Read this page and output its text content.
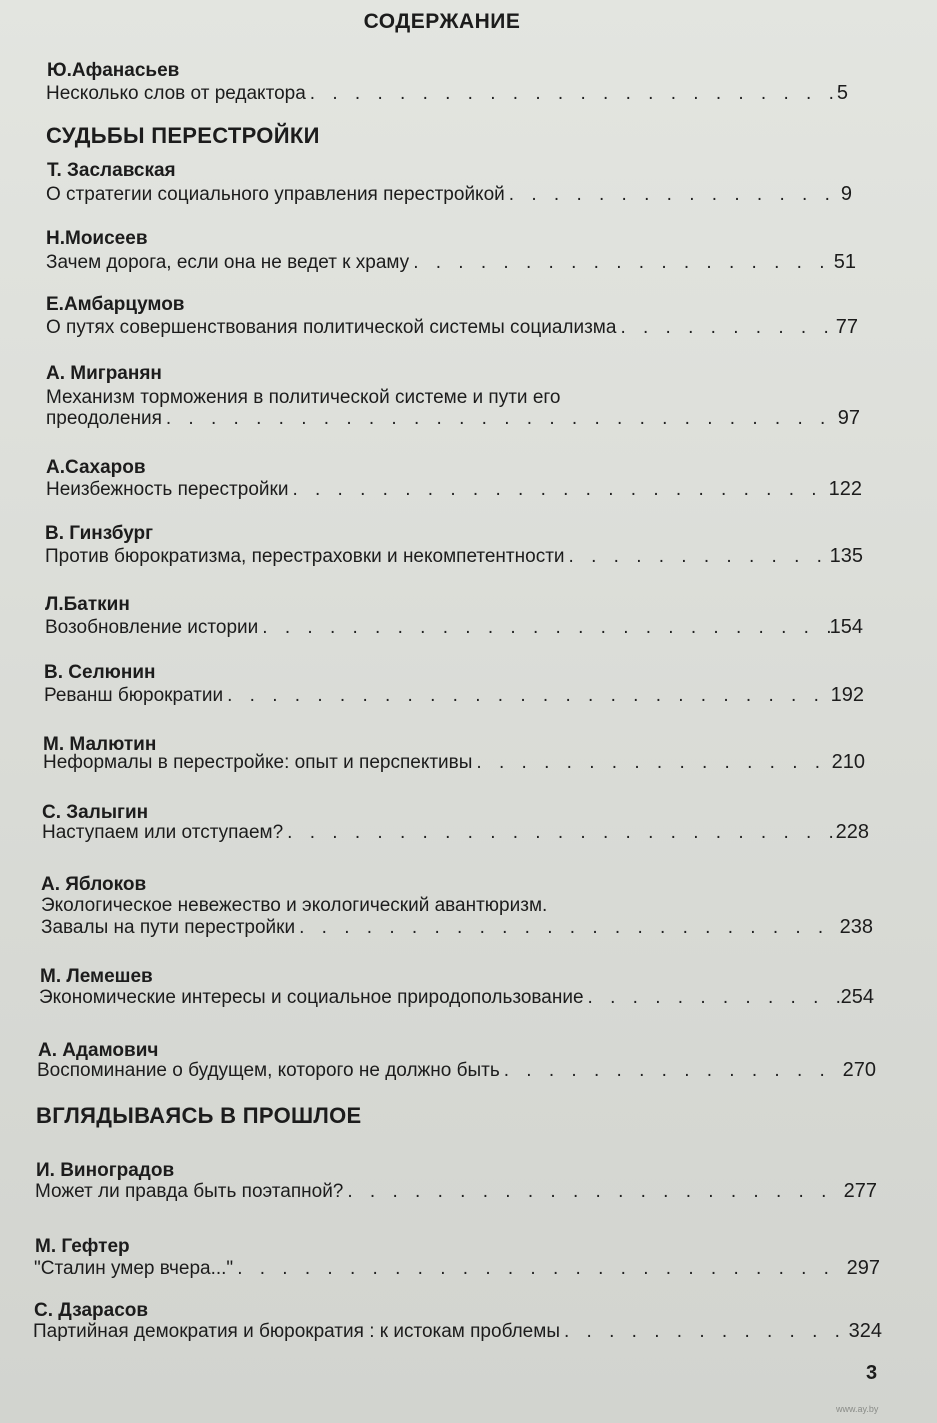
СОДЕРЖАНИЕ
Ю.Афанасьев
Несколько слов от редактора . . .	5
СУДЬБЫ ПЕРЕСТРОЙКИ
Т. Заславская
О стратегии социального управления перестройкой . . .	9
Н.Моисеев
Зачем дорога, если она не ведет к храму . . .	51
Е.Амбарцумов
О путях совершенствования политической системы социализма . . .	77
А. Мигранян
Механизм торможения в политической системе и пути его
преодоления . . .	97
А.Сахаров
Неизбежность перестройки . . .	122
В. Гинзбург
Против бюрократизма, перестраховки и некомпетентности . . .	135
Л.Баткин
Возобновление истории . . .	154
В. Селюнин
Реванш бюрократии . . .	192
М. Малютин
Неформалы в перестройке: опыт и перспективы . . .	210
С. Залыгин
Наступаем или отступаем? . . .	228
А. Яблоков
Экологическое невежество и экологический авантюризм.
Завалы на пути перестройки . . .	238
М. Лемешев
Экономические интересы и социальное природопользование . . .	254
А. Адамович
Воспоминание о будущем, которого не должно быть . . .	270
ВГЛЯДЫВАЯСЬ В ПРОШЛОЕ
И. Виноградов
Может ли правда быть поэтапной? . . .	277
М. Гефтер
"Сталин умер вчера..." . . .	297
С. Дзарасов
Партийная демократия и бюрократия : к истокам проблемы . . .	324
3
www.ay.by
